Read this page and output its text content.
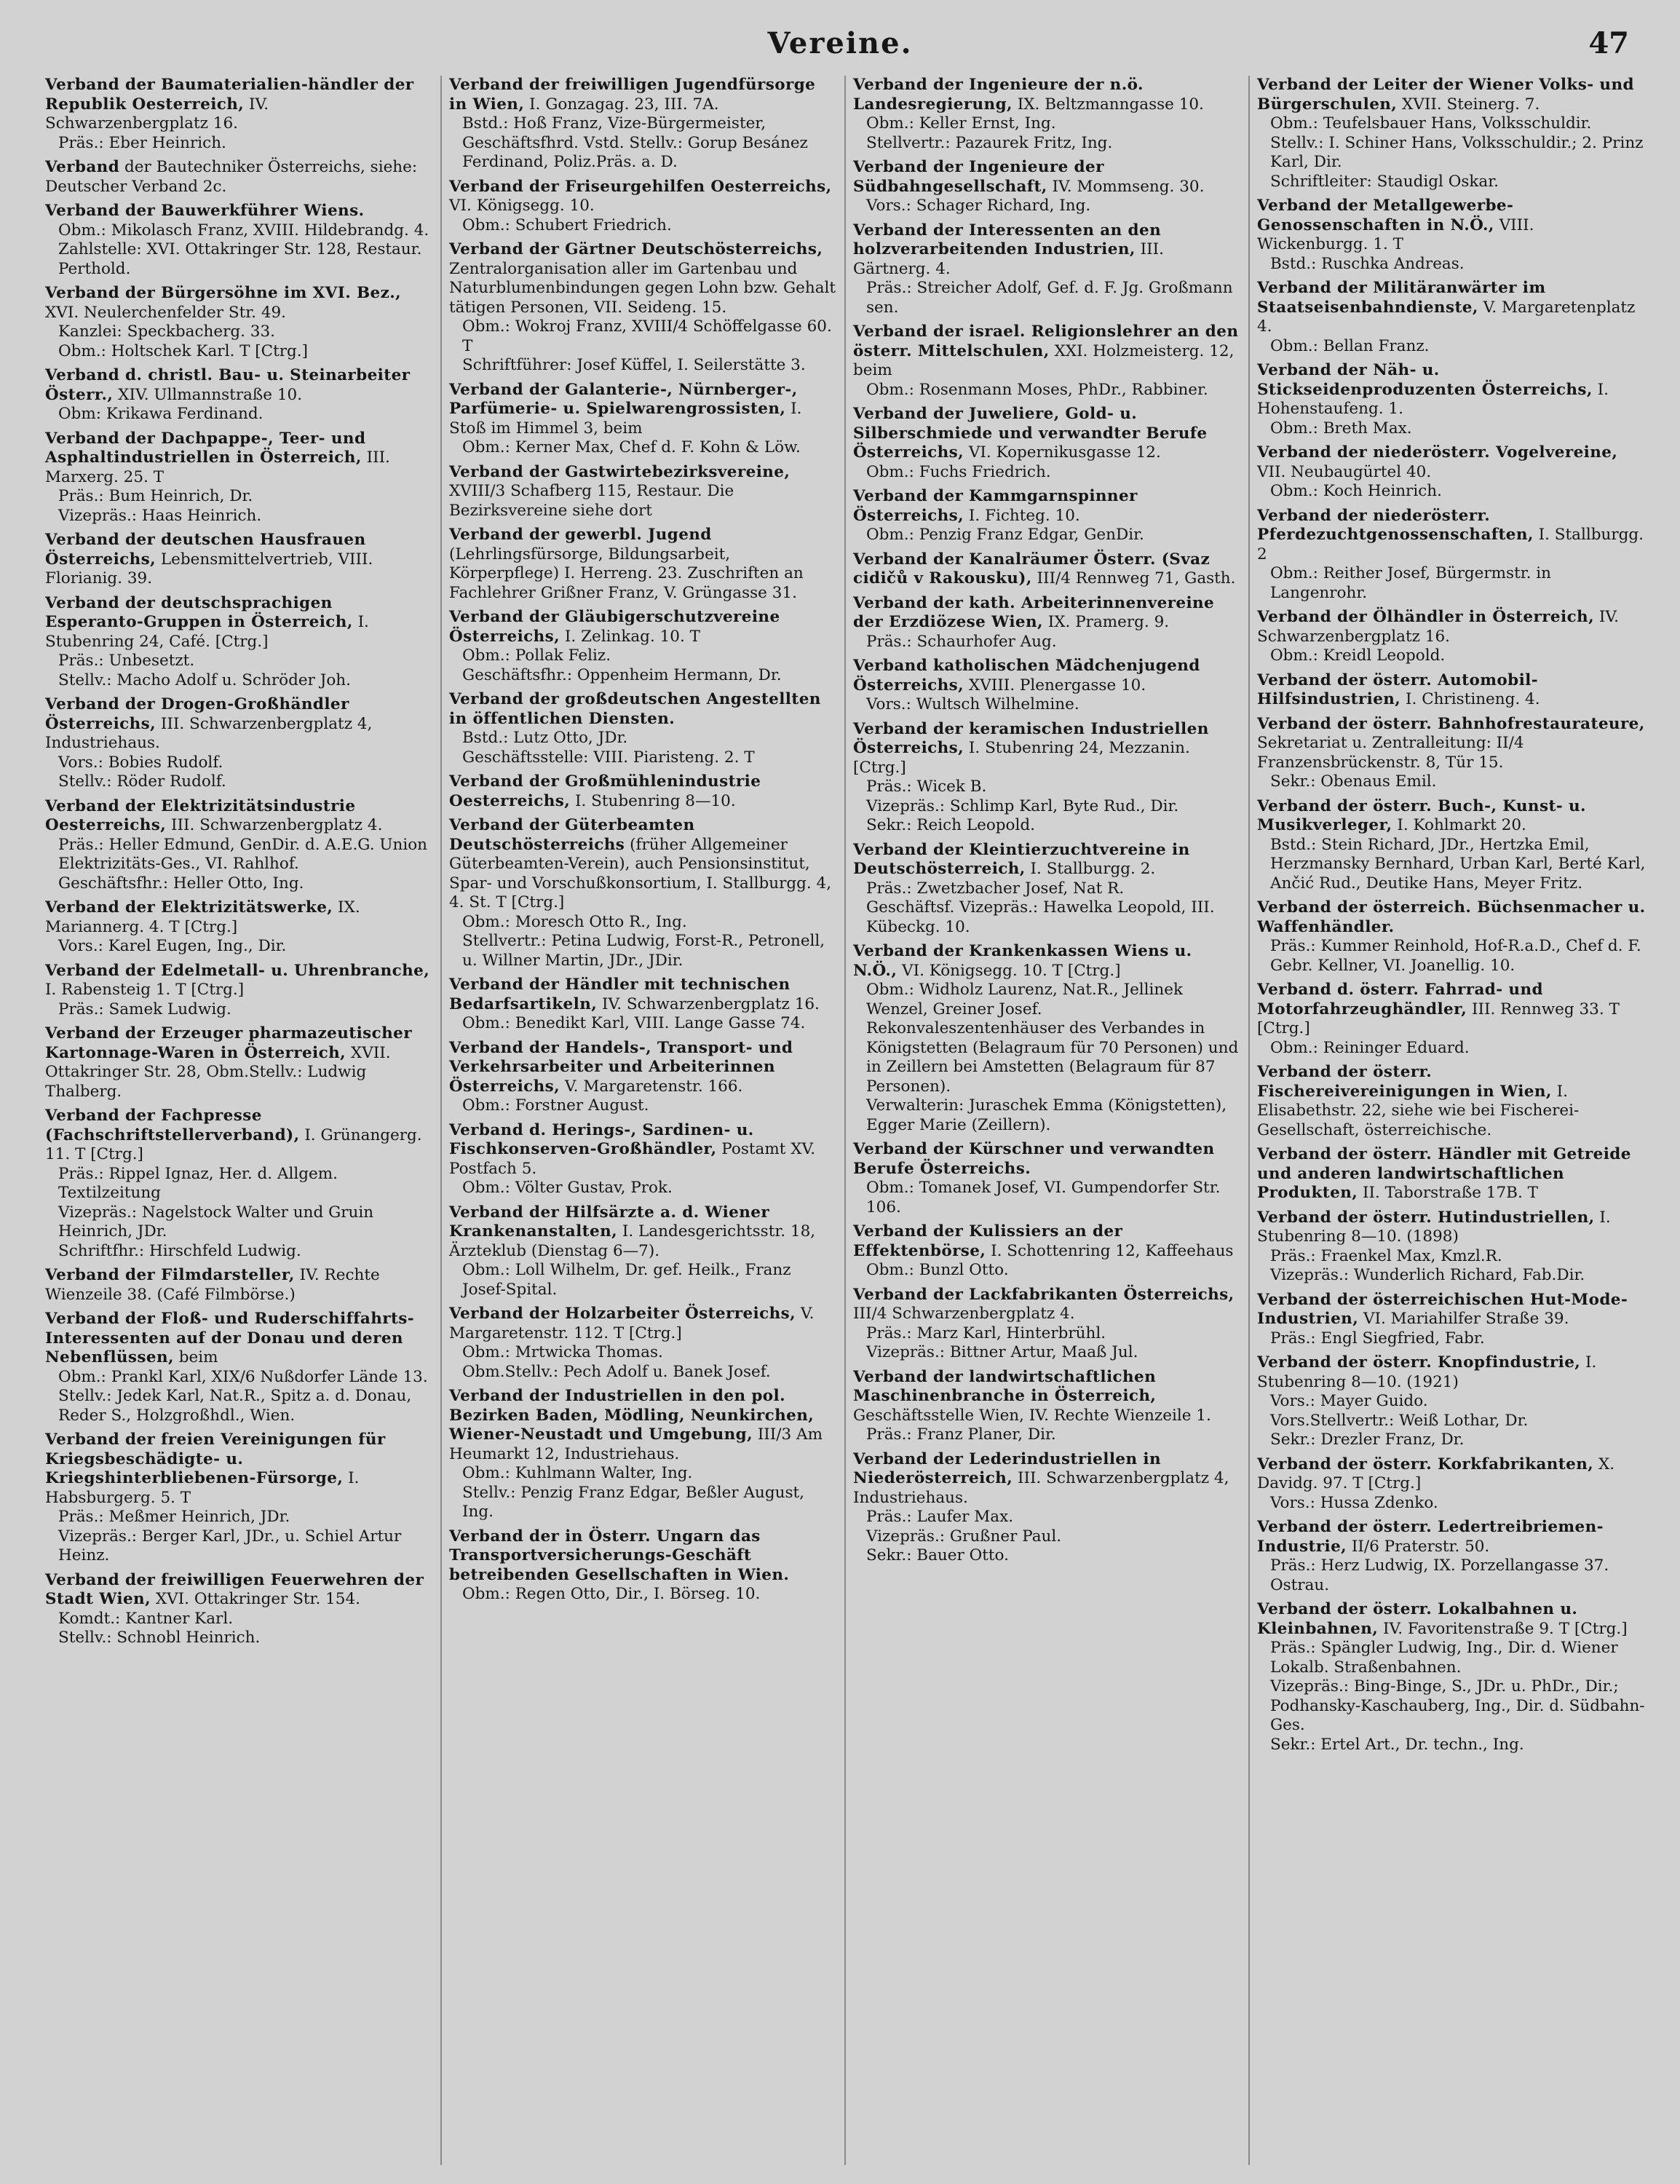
Vereine.	47
Verband der Baumaterialien-händler der Republik Oesterreich, IV. Schwarzenbergplatz 16.
Präs.: Eber Heinrich.
Verband der Bautechniker Österreichs, siehe: Deutscher Verband 2c.
Verband der Bauwerkführer Wiens.
Obm.: Mikolasch Franz, XVIII. Hildebrandg. 4.
Zahlstelle: XVI. Ottakringer Str. 128, Restaur. Perthold.
Verband der Bürgersöhne im XVI. Bez., XVI. Neulerchenfelder Str. 49.
Kanzlei: Speckbacherg. 33.
Obm.: Holtschek Karl. T [Ctrg.]
Verband d. christl. Bau- u. Steinarbeiter Österr., XIV. Ullmannstraße 10.
Obm: Krikawa Ferdinand.
Verband der Dachpappe-, Teer- und Asphaltindustriellen in Österreich, III. Marxerg. 25. T
Präs.: Bum Heinrich, Dr.
Vizepräs.: Haas Heinrich.
Verband der deutschen Hausfrauen Österreichs, Lebensmittelvertrieb, VIII. Florianig. 39.
Verband der deutschsprachigen Esperanto-Gruppen in Österreich, I. Stubenring 24, Café. [Ctrg.]
Präs.: Unbesetzt.
Stellv.: Macho Adolf u. Schröder Joh.
Verband der Drogen-Großhändler Österreichs, III. Schwarzenbergplatz 4, Industriehaus.
Vors.: Bobies Rudolf.
Stellv.: Röder Rudolf.
Verband der Elektrizitätsindustrie Oesterreichs, III. Schwarzenbergplatz 4.
Präs.: Heller Edmund, GenDir. d. A.E.G. Union Elektrizitäts-Ges., VI. Rahlhof.
Geschäftsfhr.: Heller Otto, Ing.
Verband der Elektrizitätswerke, IX. Mariannerg. 4. T [Ctrg.]
Vors.: Karel Eugen, Ing., Dir.
Verband der Edelmetall- u. Uhrenbranche, I. Rabensteig 1. T [Ctrg.]
Präs.: Samek Ludwig.
Verband der Erzeuger pharmazeutischer Kartonnage-Waren in Österreich, XVII. Ottakringer Str. 28, Obm.Stellv.: Ludwig Thalberg.
Verband der Fachpresse (Fachschriftstellerverband), I. Grünangerg. 11. T [Ctrg.]
Präs.: Rippel Ignaz, Her. d. Allgem. Textilzeitung
Vizepräs.: Nagelstock Walter und Gruin Heinrich, JDr.
Schriftfhr.: Hirschfeld Ludwig.
Verband der Filmdarsteller, IV. Rechte Wienzeile 38. (Café Filmbörse.)
Verband der Floß- und Ruderschiffahrts-Interessenten auf der Donau und deren Nebenflüssen, beim
Obm.: Prankl Karl, XIX/6 Nußdorfer Lände 13.
Stellv.: Jedek Karl, Nat.R., Spitz a. d. Donau, Reder S., Holzgroßhdl., Wien.
Verband der freien Vereinigungen für Kriegsbeschädigte- u. Kriegshinterbliebenen-Fürsorge, I. Habsburgerg. 5. T
Präs.: Meßmer Heinrich, JDr.
Vizepräs.: Berger Karl, JDr., u. Schiel Artur Heinz.
Verband der freiwilligen Feuerwehren der Stadt Wien, XVI. Ottakringer Str. 154.
Komdt.: Kantner Karl.
Stellv.: Schnobl Heinrich.
Verband der freiwilligen Jugendfürsorge in Wien, I. Gonzagag. 23, III. 7A.
Bstd.: Hoß Franz, Vize-Bürgermeister, Geschäftsfhrd. Vstd. Stellv.: Gorup Besánez Ferdinand, Poliz.Präs. a. D.
Verband der Friseurgehilfen Oesterreichs, VI. Königsegg. 10.
Obm.: Schubert Friedrich.
Verband der Gärtner Deutschösterreichs, Zentralorganisation aller im Gartenbau und Naturblumenbindungen gegen Lohn bzw. Gehalt tätigen Personen, VII. Seideng. 15.
Obm.: Wokroj Franz, XVIII/4 Schöffelgasse 60. T
Schriftführer: Josef Küffel, I. Seilerstätte 3.
Verband der Galanterie-, Nürnberger-, Parfümerie- u. Spielwarengrossisten, I. Stoß im Himmel 3, beim
Obm.: Kerner Max, Chef d. F. Kohn & Löw.
Verband der Gastwirtebezirksvereine, XVIII/3 Schafberg 115, Restaur. Die Bezirksvereine siehe dort
Verband der gewerbl. Jugend (Lehrlingsfürsorge, Bildungsarbeit, Körperpflege) I. Herreng. 23. Zuschriften an Fachlehrer Grißner Franz, V. Grüngasse 31.
Verband der Gläubigerschutzvereine Österreichs, I. Zelinkag. 10. T
Obm.: Pollak Feliz.
Geschäftsfhr.: Oppenheim Hermann, Dr.
Verband der großdeutschen Angestellten in öffentlichen Diensten.
Bstd.: Lutz Otto, JDr.
Geschäftsstelle: VIII. Piaristeng. 2. T
Verband der Großmühlenindustrie Oesterreichs, I. Stubenring 8—10.
Verband der Güterbeamten Deutschösterreichs (früher Allgemeiner Güterbeamten-Verein), auch Pensionsinstitut, Spar- und Vorschußkonsortium, I. Stallburgg. 4, 4. St. T [Ctrg.]
Obm.: Moresch Otto R., Ing.
Stellvertr.: Petina Ludwig, Forst-R., Petronell, u. Willner Martin, JDr., JDir.
Verband der Händler mit technischen Bedarfsartikeln, IV. Schwarzenbergplatz 16.
Obm.: Benedikt Karl, VIII. Lange Gasse 74.
Verband der Handels-, Transport- und Verkehrsarbeiter und Arbeiterinnen Österreichs, V. Margaretenstr. 166.
Obm.: Forstner August.
Verband d. Herings-, Sardinen- u. Fischkonserven-Großhändler, Postamt XV. Postfach 5.
Obm.: Völter Gustav, Prok.
Verband der Hilfsärzte a. d. Wiener Krankenanstalten, I. Landesgerichtsstr. 18, Ärzteklub (Dienstag 6—7).
Obm.: Loll Wilhelm, Dr. gef. Heilk., Franz Josef-Spital.
Verband der Holzarbeiter Österreichs, V. Margaretenstr. 112. T [Ctrg.]
Obm.: Mrtwicka Thomas.
Obm.Stellv.: Pech Adolf u. Banek Josef.
Verband der Industriellen in den pol. Bezirken Baden, Mödling, Neunkirchen, Wiener-Neustadt und Umgebung, III/3 Am Heumarkt 12, Industriehaus.
Obm.: Kuhlmann Walter, Ing.
Stellv.: Penzig Franz Edgar, Beßler August, Ing.
Verband der in Österr. Ungarn das Transportversicherungs-Geschäft betreibenden Gesellschaften in Wien.
Obm.: Regen Otto, Dir., I. Börseg. 10.
Verband der Ingenieure der n.ö. Landesregierung, IX. Beltzmanngasse 10.
Obm.: Keller Ernst, Ing.
Stellvertr.: Pazaurek Fritz, Ing.
Verband der Ingenieure der Südbahngesellschaft, IV. Mommseng. 30.
Vors.: Schager Richard, Ing.
Verband der Interessenten an den holzverarbeitenden Industrien, III. Gärtnerg. 4.
Präs.: Streicher Adolf, Gef. d. F. Jg. Großmann sen.
Verband der israel. Religionslehrer an den österr. Mittelschulen, XXI. Holzmeisterg. 12, beim
Obm.: Rosenmann Moses, PhDr., Rabbiner.
Verband der Juweliere, Gold- u. Silberschmiede und verwandter Berufe Österreichs, VI. Kopernikusgasse 12.
Obm.: Fuchs Friedrich.
Verband der Kammgarnspinner Österreichs, I. Fichteg. 10.
Obm.: Penzig Franz Edgar, GenDir.
Verband der Kanalräumer Österr. (Svaz cidičů v Rakousku), III/4 Rennweg 71, Gasth.
Verband der kath. Arbeiterinnenvereine der Erzdiözese Wien, IX. Pramerg. 9.
Präs.: Schaurhofer Aug.
Verband katholischen Mädchenjugend Österreichs, XVIII. Plenergasse 10.
Vors.: Wultsch Wilhelmine.
Verband der keramischen Industriellen Österreichs, I. Stubenring 24, Mezzanin. [Ctrg.]
Präs.: Wicek B.
Vizepräs.: Schlimp Karl, Byte Rud., Dir.
Sekr.: Reich Leopold.
Verband der Kleintierzuchtvereine in Deutschösterreich, I. Stallburgg. 2.
Präs.: Zwetzbacher Josef, Nat R.
Geschäftsf. Vizepräs.: Hawelka Leopold, III. Kübeckg. 10.
Verband der Krankenkassen Wiens u. N.Ö., VI. Königsegg. 10. T [Ctrg.]
Obm.: Widholz Laurenz, Nat.R., Jellinek Wenzel, Greiner Josef. Rekonvaleszentenhäuser des Verbandes in Königstetten (Belagraum für 70 Personen) und in Zeillern bei Amstetten (Belagraum für 87 Personen).
Verwalterin: Juraschek Emma (Königstetten), Egger Marie (Zeillern).
Verband der Kürschner und verwandten Berufe Österreichs.
Obm.: Tomanek Josef, VI. Gumpendorfer Str. 106.
Verband der Kulissiers an der Effektenbörse, I. Schottenring 12, Kaffeehaus
Obm.: Bunzl Otto.
Verband der Lackfabrikanten Österreichs, III/4 Schwarzenbergplatz 4.
Präs.: Marz Karl, Hinterbrühl.
Vizepräs.: Bittner Artur, Maaß Jul.
Verband der landwirtschaftlichen Maschinenbranche in Österreich, Geschäftsstelle Wien, IV. Rechte Wienzeile 1.
Präs.: Franz Planer, Dir.
Verband der Lederindustriellen in Niederösterreich, III. Schwarzenbergplatz 4, Industriehaus.
Präs.: Laufer Max.
Vizepräs.: Grußner Paul.
Sekr.: Bauer Otto.
Verband der Leiter der Wiener Volks- und Bürgerschulen, XVII. Steinerg. 7.
Obm.: Teufelsbauer Hans, Volksschuldir.
Stellv.: I. Schiner Hans, Volksschuldir.; 2. Prinz Karl, Dir.
Schriftleiter: Staudigl Oskar.
Verband der Metallgewerbe-Genossenschaften in N.Ö., VIII. Wickenburgg. 1. T
Bstd.: Ruschka Andreas.
Verband der Militäranwärter im Staatseisenbahndienste, V. Margaretenplatz 4.
Obm.: Bellan Franz.
Verband der Näh- u. Stickseidenproduzenten Österreichs, I. Hohenstaufeng. 1.
Obm.: Breth Max.
Verband der niederösterr. Vogelvereine, VII. Neubaugürtel 40.
Obm.: Koch Heinrich.
Verband der niederösterr. Pferdezuchtgenossenschaften, I. Stallburgg. 2
Obm.: Reither Josef, Bürgermstr. in Langenrohr.
Verband der Ölhändler in Österreich, IV. Schwarzenbergplatz 16.
Obm.: Kreidl Leopold.
Verband der österr. Automobil-Hilfsindustrien, I. Christineng. 4.
Verband der österr. Bahnhofrestaurateure, Sekretariat u. Zentralleitung: II/4 Franzensbrückenstr. 8, Tür 15.
Sekr.: Obenaus Emil.
Verband der österr. Buch-, Kunst- u. Musikverleger, I. Kohlmarkt 20.
Bstd.: Stein Richard, JDr., Hertzka Emil, Herzmansky Bernhard, Urban Karl, Berté Karl, Ančić Rud., Deutike Hans, Meyer Fritz.
Verband der österreich. Büchsenmacher u. Waffenhändler.
Präs.: Kummer Reinhold, Hof-R.a.D., Chef d. F. Gebr. Kellner, VI. Joanellig. 10.
Verband d. österr. Fahrrad- und Motorfahrzeughändler, III. Rennweg 33. T [Ctrg.]
Obm.: Reininger Eduard.
Verband der österr. Fischereivereinigungen in Wien, I. Elisabethstr. 22, siehe wie bei Fischerei-Gesellschaft, österreichische.
Verband der österr. Händler mit Getreide und anderen landwirtschaftlichen Produkten, II. Taborstraße 17B. T
Verband der österr. Hutindustriellen, I. Stubenring 8—10. (1898)
Präs.: Fraenkel Max, Kmzl.R.
Vizepräs.: Wunderlich Richard, Fab.Dir.
Verband der österreichischen Hut-Mode-Industrien, VI. Mariahilfer Straße 39.
Präs.: Engl Siegfried, Fabr.
Verband der österr. Knopfindustrie, I. Stubenring 8—10. (1921)
Vors.: Mayer Guido.
Vors.Stellvertr.: Weiß Lothar, Dr.
Sekr.: Drezler Franz, Dr.
Verband der österr. Korkfabrikanten, X. Davidg. 97. T [Ctrg.]
Vors.: Hussa Zdenko.
Verband der österr. Ledertreibriemen-Industrie, II/6 Praterstr. 50.
Präs.: Herz Ludwig, IX. Porzellangasse 37.
Ostrau.
Verband der österr. Lokalbahnen u. Kleinbahnen, IV. Favoritenstraße 9. T [Ctrg.]
Präs.: Spängler Ludwig, Ing., Dir. d. Wiener Lokalb. Straßenbahnen.
Vizepräs.: Bing-Binge, S., JDr. u. PhDr., Dir.; Podhansky-Kaschauberg, Ing., Dir. d. Südbahn-Ges.
Sekr.: Ertel Art., Dr. techn., Ing.
